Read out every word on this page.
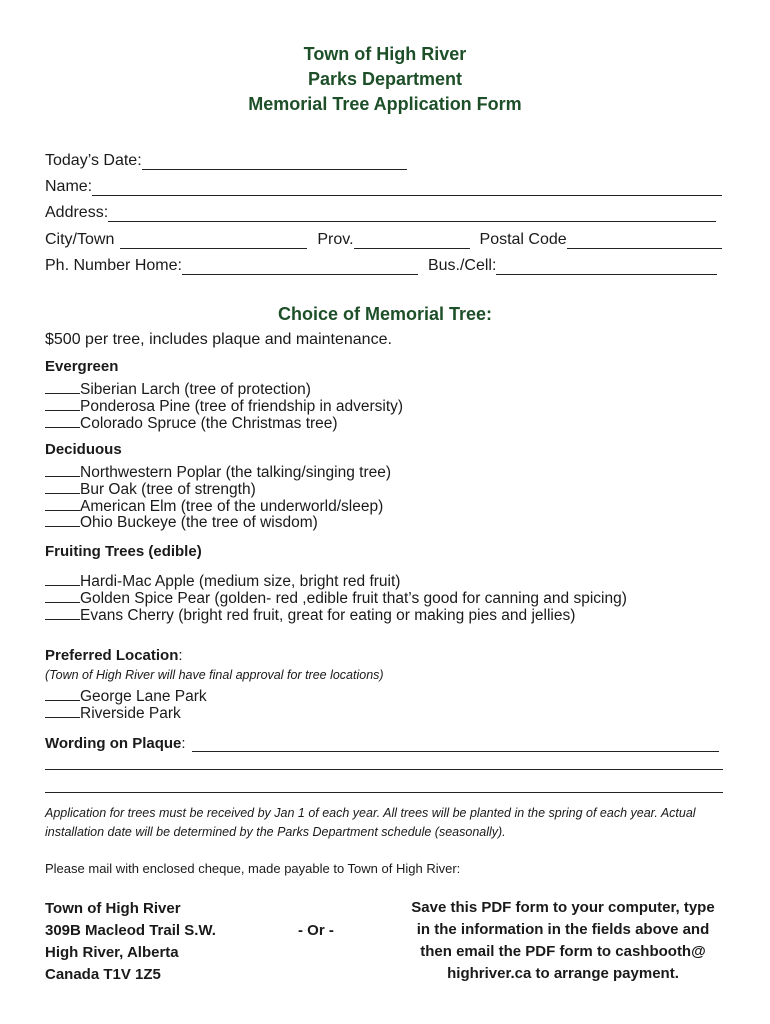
Town of High River
Parks Department
Memorial Tree Application Form
Today’s Date:
Name:
Address:
City/Town	Prov.	Postal Code
Ph. Number Home:	Bus./Cell:
Choice of Memorial Tree:
$500 per tree, includes plaque and maintenance.
Evergreen
Siberian Larch (tree of protection)
Ponderosa Pine (tree of friendship in adversity)
Colorado Spruce (the Christmas tree)
Deciduous
Northwestern Poplar (the talking/singing tree)
Bur Oak (tree of strength)
American Elm (tree of the underworld/sleep)
Ohio Buckeye (the tree of wisdom)
Fruiting Trees (edible)
Hardi-Mac Apple (medium size, bright red fruit)
Golden Spice Pear (golden- red ,edible fruit that’s good for canning and spicing)
Evans Cherry (bright red fruit, great for eating or making pies and jellies)
Preferred Location:
(Town of High River will have final approval for tree locations)
George Lane Park
Riverside Park
Wording on Plaque :
Application for trees must be received by Jan 1 of each year. All trees will be planted in the spring of each year. Actual installation date will be determined by the Parks Department schedule (seasonally).
Please mail with enclosed cheque, made payable to Town of High River:
Town of High River
309B Macleod Trail S.W.
High River, Alberta
Canada T1V 1Z5
- Or -
Save this PDF form to your computer, type
in the information in the fields above and
then email the PDF form to cashbooth@
highriver.ca to arrange payment.
